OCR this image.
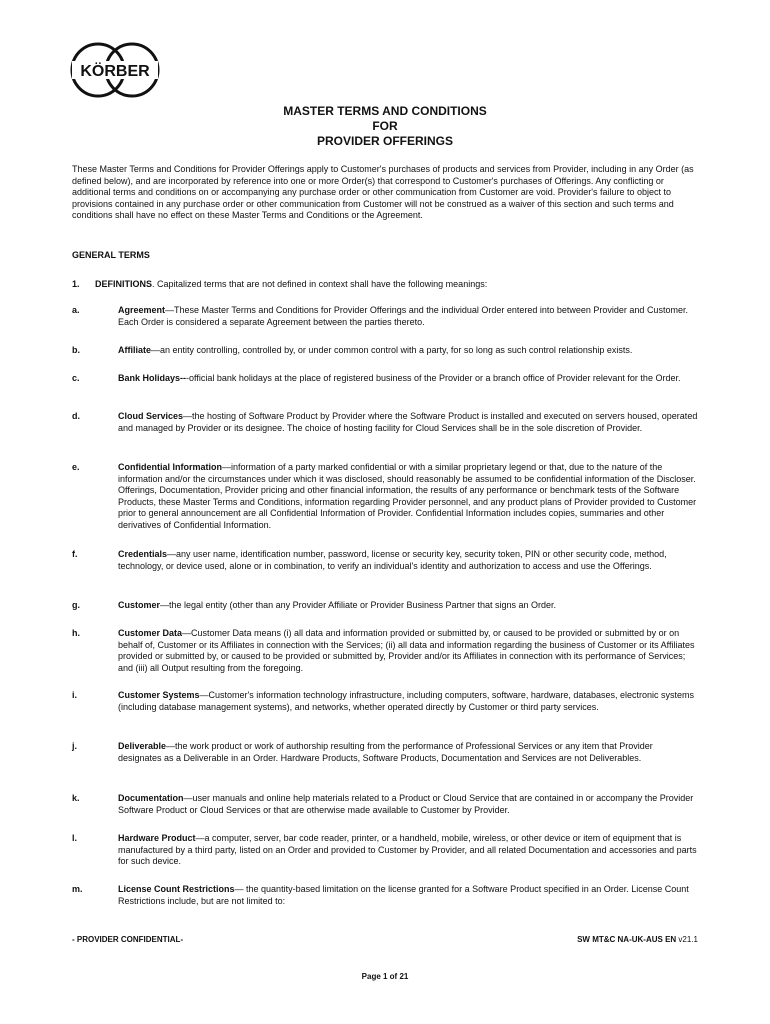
KÖRBER
MASTER TERMS AND CONDITIONS
FOR
PROVIDER OFFERINGS
These Master Terms and Conditions for Provider Offerings apply to Customer's purchases of products and services from Provider, including in any Order (as defined below), and are incorporated by reference into one or more Order(s) that correspond to Customer's purchases of Offerings. Any conflicting or additional terms and conditions on or accompanying any purchase order or other communication from Customer are void. Provider's failure to object to provisions contained in any purchase order or other communication from Customer will not be construed as a waiver of this section and such terms and conditions shall have no effect on these Master Terms and Conditions or the Agreement.
GENERAL TERMS
1. DEFINITIONS. Capitalized terms that are not defined in context shall have the following meanings:
a.	Agreement—These Master Terms and Conditions for Provider Offerings and the individual Order entered into between Provider and Customer. Each Order is considered a separate Agreement between the parties thereto.
b.	Affiliate—an entity controlling, controlled by, or under common control with a party, for so long as such control relationship exists.
c.	Bank Holidays---official bank holidays at the place of registered business of the Provider or a branch office of Provider relevant for the Order.
d.	Cloud Services—the hosting of Software Product by Provider where the Software Product is installed and executed on servers housed, operated and managed by Provider or its designee. The choice of hosting facility for Cloud Services shall be in the sole discretion of Provider.
e.	Confidential Information—information of a party marked confidential or with a similar proprietary legend or that, due to the nature of the information and/or the circumstances under which it was disclosed, should reasonably be assumed to be confidential information of the Discloser. Offerings, Documentation, Provider pricing and other financial information, the results of any performance or benchmark tests of the Software Products, these Master Terms and Conditions, information regarding Provider personnel, and any product plans of Provider provided to Customer prior to general announcement are all Confidential Information of Provider. Confidential Information includes copies, summaries and other derivatives of Confidential Information.
f.	Credentials—any user name, identification number, password, license or security key, security token, PIN or other security code, method, technology, or device used, alone or in combination, to verify an individual's identity and authorization to access and use the Offerings.
g.	Customer—the legal entity (other than any Provider Affiliate or Provider Business Partner that signs an Order.
h.	Customer Data—Customer Data means (i) all data and information provided or submitted by, or caused to be provided or submitted by or on behalf of, Customer or its Affiliates in connection with the Services; (ii) all data and information regarding the business of Customer or its Affiliates provided or submitted by, or caused to be provided or submitted by, Provider and/or its Affiliates in connection with its performance of Services; and (iii) all Output resulting from the foregoing.
i.	Customer Systems—Customer's information technology infrastructure, including computers, software, hardware, databases, electronic systems (including database management systems), and networks, whether operated directly by Customer or third party services.
j.	Deliverable—the work product or work of authorship resulting from the performance of Professional Services or any item that Provider designates as a Deliverable in an Order. Hardware Products, Software Products, Documentation and Services are not Deliverables.
k.	Documentation—user manuals and online help materials related to a Product or Cloud Service that are contained in or accompany the Provider Software Product or Cloud Services or that are otherwise made available to Customer by Provider.
l.	Hardware Product—a computer, server, bar code reader, printer, or a handheld, mobile, wireless, or other device or item of equipment that is manufactured by a third party, listed on an Order and provided to Customer by Provider, and all related Documentation and accessories and parts for such device.
m.	License Count Restrictions— the quantity-based limitation on the license granted for a Software Product specified in an Order. License Count Restrictions include, but are not limited to:
- PROVIDER CONFIDENTIAL-	SW MT&C NA-UK-AUS EN v21.1
Page 1 of 21
